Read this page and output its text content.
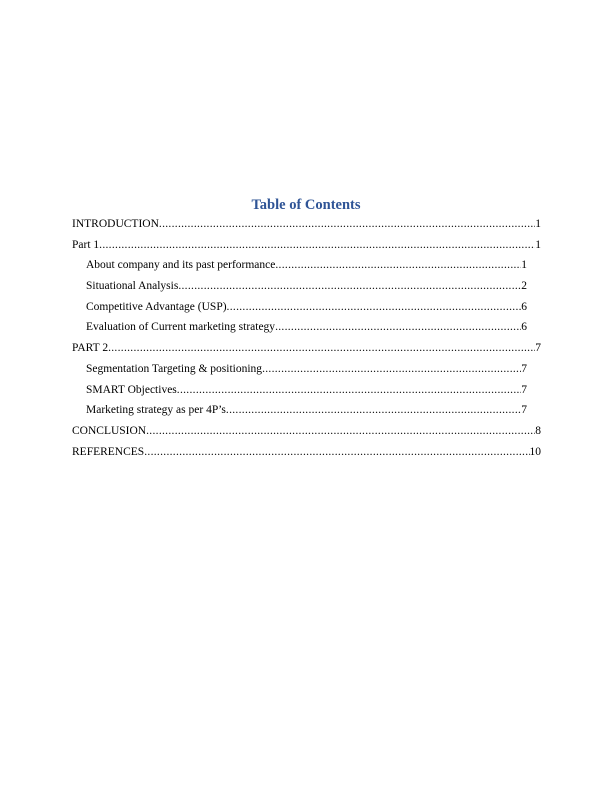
Table of Contents
INTRODUCTION .....	1
Part 1 .....	1
About company and its past performance .....	1
Situational Analysis .....	2
Competitive Advantage (USP) .....	6
Evaluation of Current marketing strategy .....	6
PART 2 .....	7
Segmentation Targeting & positioning .....	7
SMART Objectives .....	7
Marketing strategy as per 4P’s .....	7
CONCLUSION .....	8
REFERENCES .....	10
